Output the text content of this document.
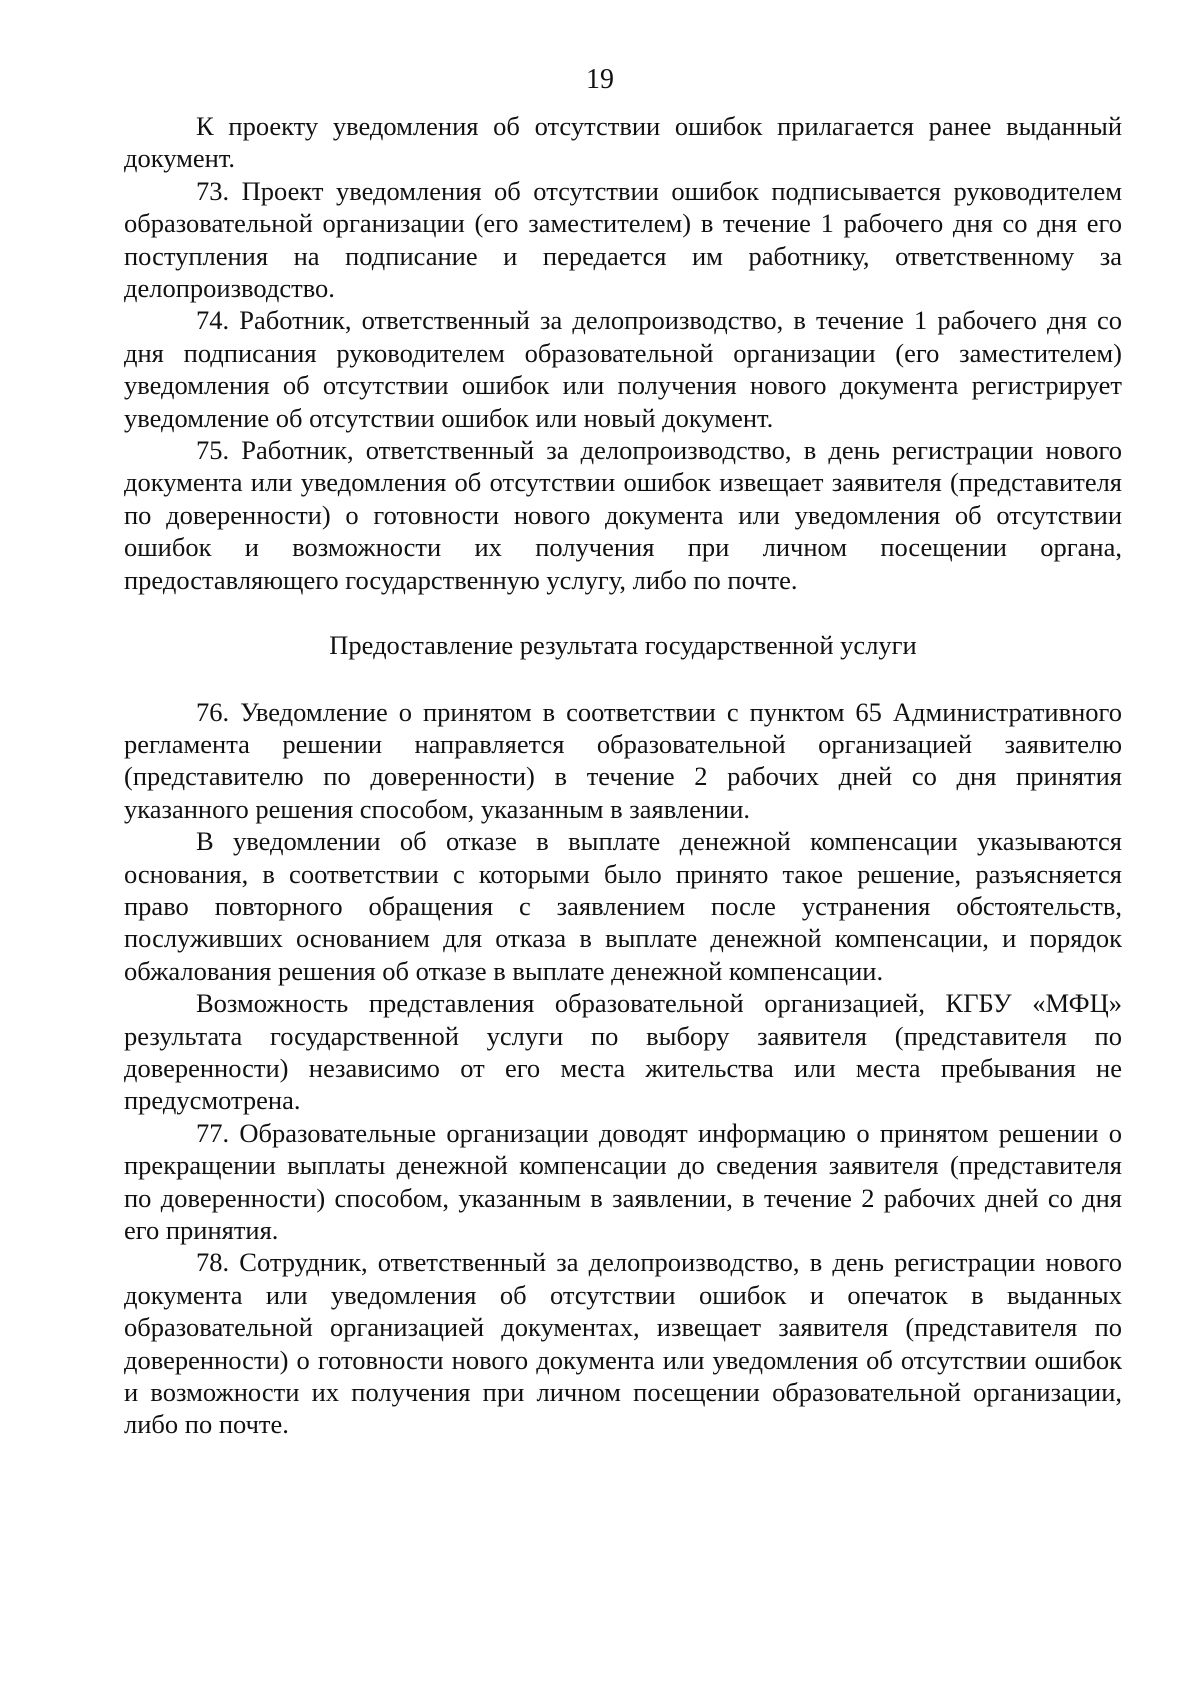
19

К проекту уведомления об отсутствии ошибок прилагается ранее выданный документ.

73. Проект уведомления об отсутствии ошибок подписывается руководителем образовательной организации (его заместителем) в течение 1 рабочего дня со дня его поступления на подписание и передается им работнику, ответственному за делопроизводство.

74. Работник, ответственный за делопроизводство, в течение 1 рабочего дня со дня подписания руководителем образовательной организации (его заместителем) уведомления об отсутствии ошибок или получения нового документа регистрирует уведомление об отсутствии ошибок или новый документ.

75. Работник, ответственный за делопроизводство, в день регистрации нового документа или уведомления об отсутствии ошибок извещает заявителя (представителя по доверенности) о готовности нового документа или уведомления об отсутствии ошибок и возможности их получения при личном посещении органа, предоставляющего государственную услугу, либо по почте.

Предоставление результата государственной услуги

76. Уведомление о принятом в соответствии с пунктом 65 Административного регламента решении направляется образовательной организацией заявителю (представителю по доверенности) в течение 2 рабочих дней со дня принятия указанного решения способом, указанным в заявлении.

В уведомлении об отказе в выплате денежной компенсации указываются основания, в соответствии с которыми было принято такое решение, разъясняется право повторного обращения с заявлением после устранения обстоятельств, послуживших основанием для отказа в выплате денежной компенсации, и порядок обжалования решения об отказе в выплате денежной компенсации.

Возможность представления образовательной организацией, КГБУ «МФЦ» результата государственной услуги по выбору заявителя (представителя по доверенности) независимо от его места жительства или места пребывания не предусмотрена.

77. Образовательные организации доводят информацию о принятом решении о прекращении выплаты денежной компенсации до сведения заявителя (представителя по доверенности) способом, указанным в заявлении, в течение 2 рабочих дней со дня его принятия.

78. Сотрудник, ответственный за делопроизводство, в день регистрации нового документа или уведомления об отсутствии ошибок и опечаток в выданных образовательной организацией документах, извещает заявителя (представителя по доверенности) о готовности нового документа или уведомления об отсутствии ошибок и возможности их получения при личном посещении образовательной организации, либо по почте.
